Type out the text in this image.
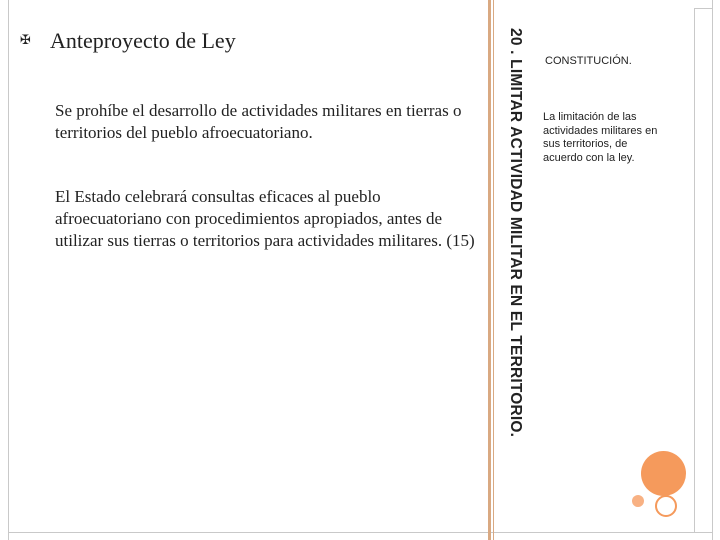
✠ Anteproyecto de Ley
Se prohíbe el desarrollo de actividades militares en tierras o territorios del pueblo afroecuatoriano.
El Estado celebrará consultas eficaces al pueblo afroecuatoriano con procedimientos apropiados, antes de utilizar sus tierras o territorios para actividades militares. (15)	20 . LIMITAR ACTIVIDAD MILITAR EN EL TERRITORIO. CONSTITUCIÓN.
La limitación de las actividades militares en sus territorios, de acuerdo con la ley.
